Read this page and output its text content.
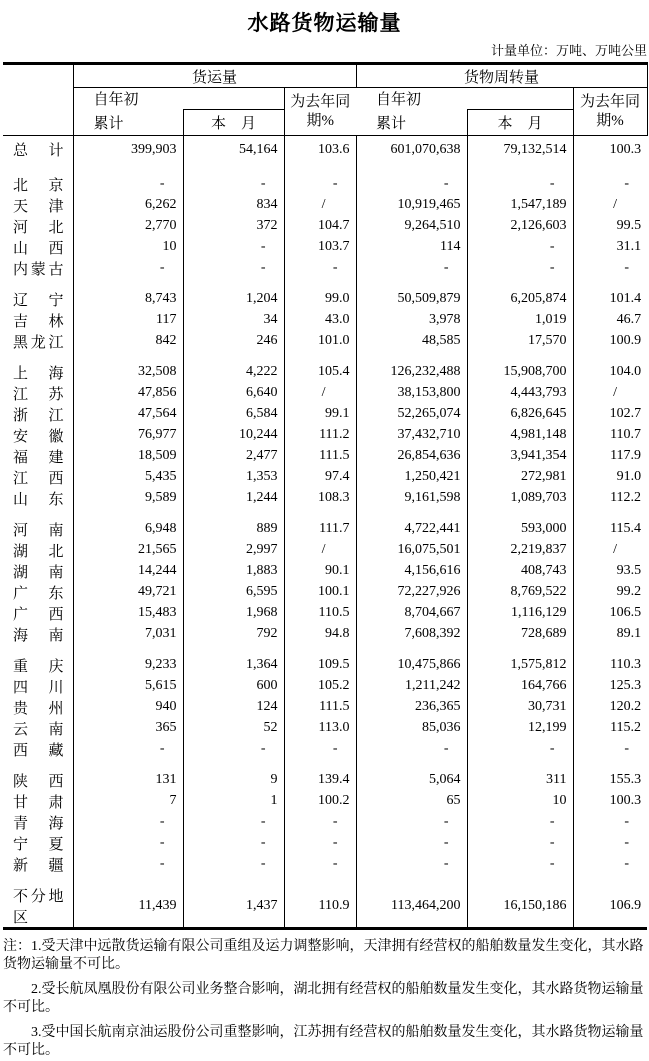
水路货物运输量
计量单位：万吨、万吨公里
	货运量			货物周转量		
	自年初		为去年同期%	自年初		为去年同期%
	累计	本　月		累计	本　月	
总 计	399,903	54,164	103.6	601,070,638	79,132,514	100.3

北 京	-	-	-	-	-	-
天 津	6,262	834	/	10,919,465	1,547,189	/
河 北	2,770	372	104.7	9,264,510	2,126,603	99.5
山 西	10	-	103.7	114	-	31.1
内蒙古	-	-	-	-	-	-

辽 宁	8,743	1,204	99.0	50,509,879	6,205,874	101.4
吉 林	117	34	43.0	3,978	1,019	46.7
黑龙江	842	246	101.0	48,585	17,570	100.9

上 海	32,508	4,222	105.4	126,232,488	15,908,700	104.0
江 苏	47,856	6,640	/	38,153,800	4,443,793	/
浙 江	47,564	6,584	99.1	52,265,074	6,826,645	102.7
安 徽	76,977	10,244	111.2	37,432,710	4,981,148	110.7
福 建	18,509	2,477	111.5	26,854,636	3,941,354	117.9
江 西	5,435	1,353	97.4	1,250,421	272,981	91.0
山 东	9,589	1,244	108.3	9,161,598	1,089,703	112.2

河 南	6,948	889	111.7	4,722,441	593,000	115.4
湖 北	21,565	2,997	/	16,075,501	2,219,837	/
湖 南	14,244	1,883	90.1	4,156,616	408,743	93.5
广 东	49,721	6,595	100.1	72,227,926	8,769,522	99.2
广 西	15,483	1,968	110.5	8,704,667	1,116,129	106.5
海 南	7,031	792	94.8	7,608,392	728,689	89.1

重 庆	9,233	1,364	109.5	10,475,866	1,575,812	110.3
四 川	5,615	600	105.2	1,211,242	164,766	125.3
贵 州	940	124	111.5	236,365	30,731	120.2
云 南	365	52	113.0	85,036	12,199	115.2
西 藏	-	-	-	-	-	-

陕 西	131	9	139.4	5,064	311	155.3
甘 肃	7	1	100.2	65	10	100.3
青 海	-	-	-	-	-	-
宁 夏	-	-	-	-	-	-
新 疆	-	-	-	-	-	-

不分地区	11,439	1,437	110.9	113,464,200	16,150,186	106.9

注：1.受天津中远散货运输有限公司重组及运力调整影响，天津拥有经营权的船舶数量发生变化，其水路货物运输量不可比。

2.受长航凤凰股份有限公司业务整合影响，湖北拥有经营权的船舶数量发生变化，其水路货物运输量不可比。

3.受中国长航南京油运股份公司重整影响，江苏拥有经营权的船舶数量发生变化，其水路货物运输量不可比。
